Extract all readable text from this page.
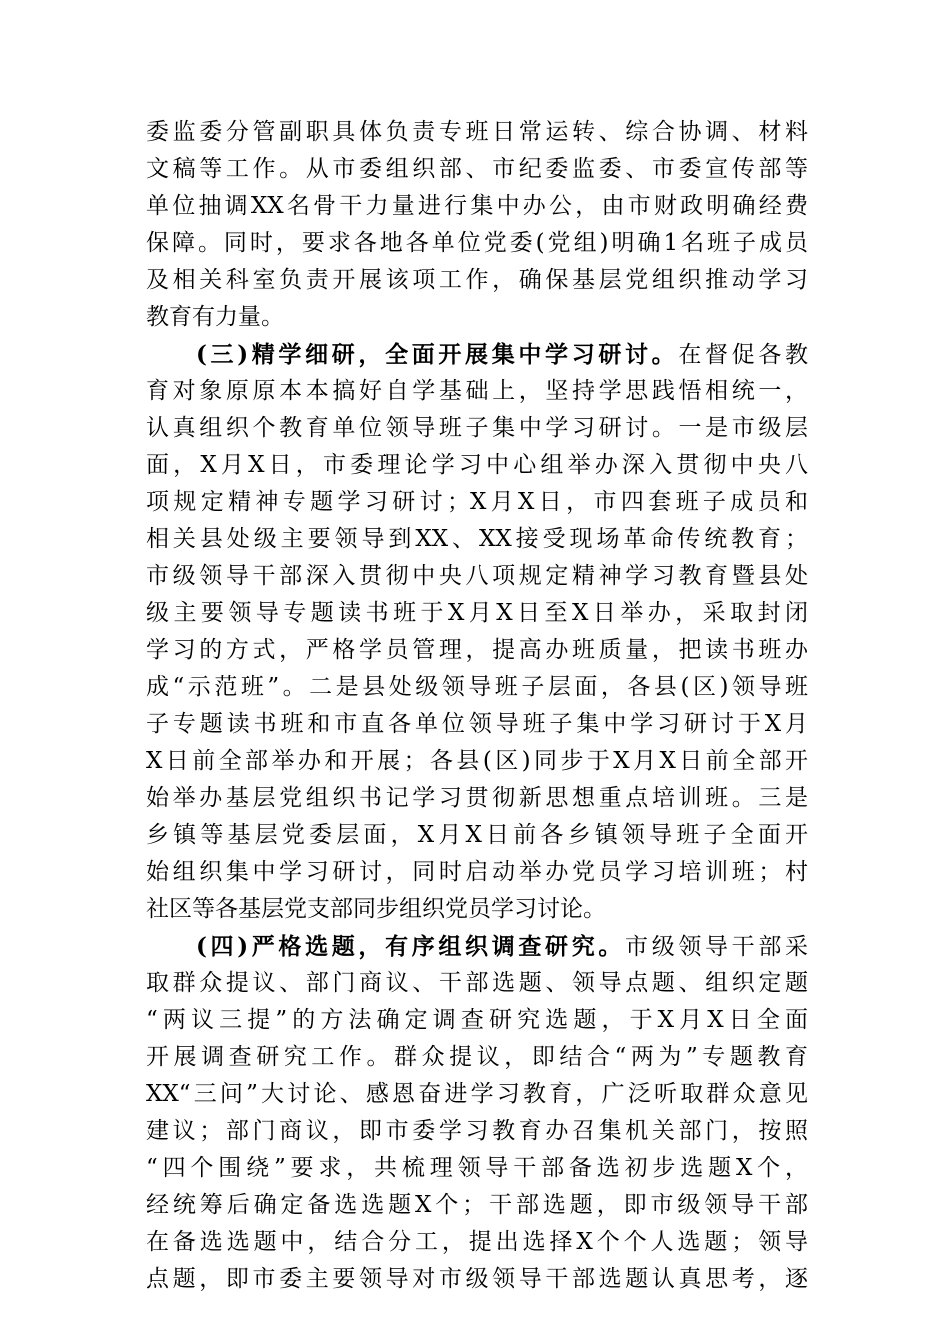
委监委分管副职具体负责专班日常运转、综合协调、材料
文稿等工作。从市委组织部、市纪委监委、市委宣传部等
单位抽调XX名骨干力量进行集中办公，由市财政明确经费
保障。同时，要求各地各单位党委(党组)明确1名班子成员
及相关科室负责开展该项工作，确保基层党组织推动学习
教育有力量。
(三)精学细研，全面开展集中学习研讨。在督促各教
育对象原原本本搞好自学基础上，坚持学思践悟相统一，
认真组织个教育单位领导班子集中学习研讨。一是市级层
面，X月X日，市委理论学习中心组举办深入贯彻中央八
项规定精神专题学习研讨；X月X日，市四套班子成员和
相关县处级主要领导到XX、XX接受现场革命传统教育；
市级领导干部深入贯彻中央八项规定精神学习教育暨县处
级主要领导专题读书班于X月X日至X日举办，采取封闭
学习的方式，严格学员管理，提高办班质量，把读书班办
成“示范班”。二是县处级领导班子层面，各县(区)领导班
子专题读书班和市直各单位领导班子集中学习研讨于X月
X日前全部举办和开展；各县(区)同步于X月X日前全部开
始举办基层党组织书记学习贯彻新思想重点培训班。三是
乡镇等基层党委层面，X月X日前各乡镇领导班子全面开
始组织集中学习研讨，同时启动举办党员学习培训班；村
社区等各基层党支部同步组织党员学习讨论。
(四)严格选题，有序组织调查研究。市级领导干部采
取群众提议、部门商议、干部选题、领导点题、组织定题
“两议三提”的方法确定调查研究选题，于X月X日全面
开展调查研究工作。群众提议，即结合“两为”专题教育
XX“三问”大讨论、感恩奋进学习教育，广泛听取群众意见
建议；部门商议，即市委学习教育办召集机关部门，按照
“四个围绕”要求，共梳理领导干部备选初步选题X个，
经统筹后确定备选选题X个；干部选题，即市级领导干部
在备选选题中，结合分工，提出选择X个个人选题；领导
点题，即市委主要领导对市级领导干部选题认真思考，逐
